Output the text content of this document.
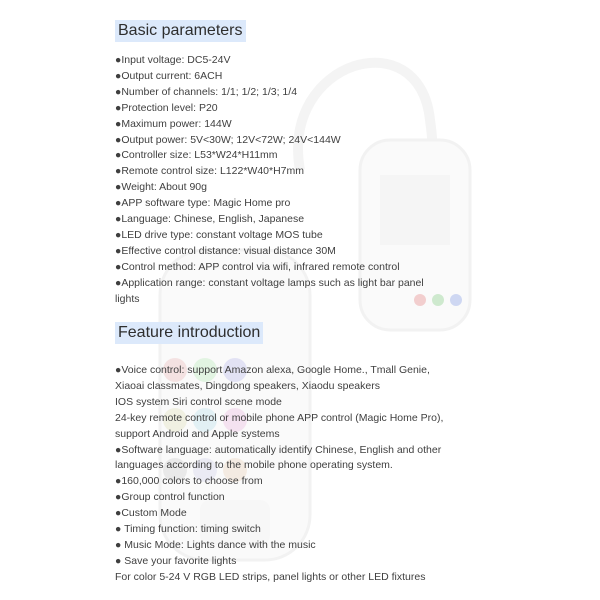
Basic parameters
●Input voltage: DC5-24V
●Output current: 6ACH
●Number of channels: 1/1; 1/2; 1/3; 1/4
●Protection level: P20
●Maximum power: 144W
●Output power: 5V<30W; 12V<72W; 24V<144W
●Controller size: L53*W24*H11mm
●Remote control size: L122*W40*H7mm
●Weight: About 90g
●APP software type: Magic Home pro
●Language: Chinese, English, Japanese
●LED drive type: constant voltage MOS tube
●Effective control distance: visual distance 30M
●Control method: APP control via wifi, infrared remote control
●Application range: constant voltage lamps such as light bar panel lights
Feature introduction
●Voice control: support Amazon alexa, Google Home., Tmall Genie, Xiaoai classmates, Dingdong speakers, Xiaodu speakers
IOS system Siri control scene mode
24-key remote control or mobile phone APP control (Magic Home Pro), support Android and Apple systems
●Software language: automatically identify Chinese, English and other languages according to the mobile phone operating system.
●160,000 colors to choose from
●Group control function
●Custom Mode
● Timing function: timing switch
● Music Mode: Lights dance with the music
● Save your favorite lights
For color 5-24 V RGB LED strips, panel lights or other LED fixtures
